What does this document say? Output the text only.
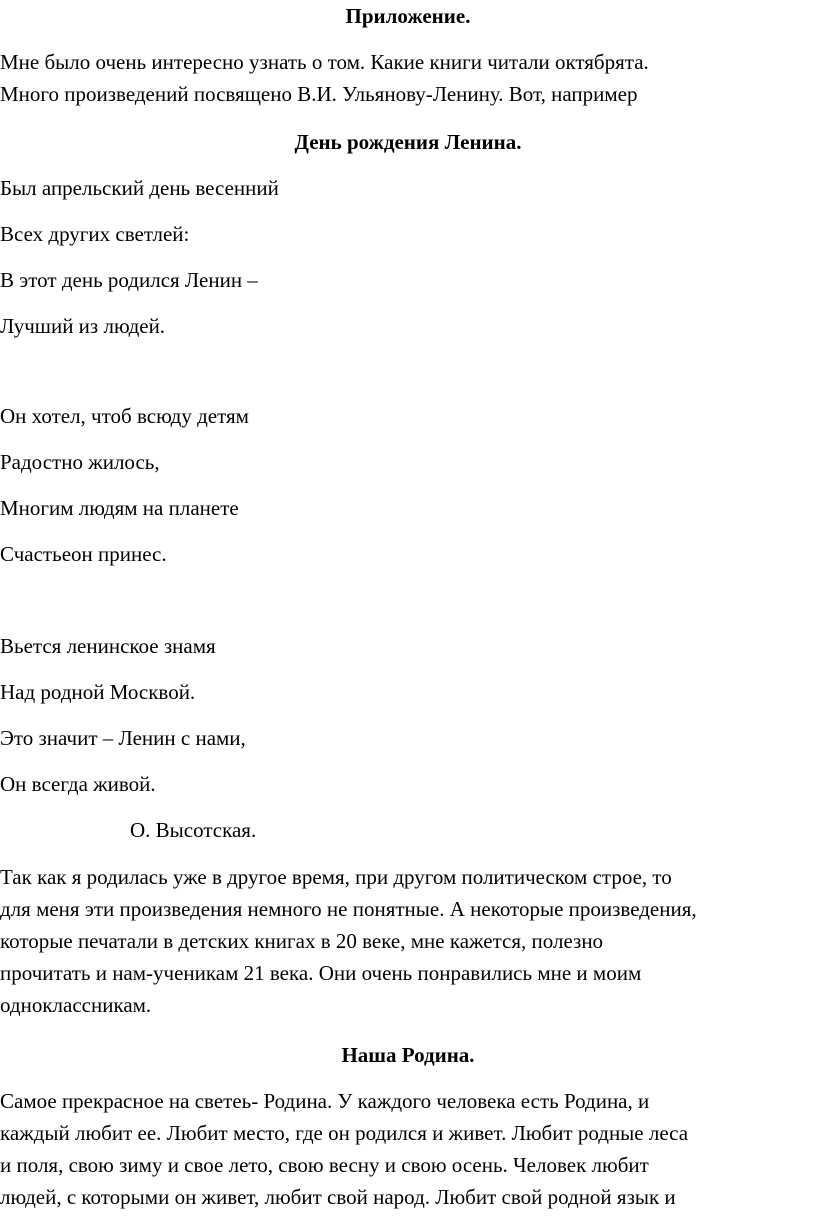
Приложение.
Мне было очень интересно узнать о том. Какие книги читали октябрята.
Много произведений посвящено В.И. Ульянову-Ленину. Вот, например
День рождения Ленина.
Был апрельский день весенний
Всех других светлей:
В этот день родился Ленин –
Лучший из людей.
Он хотел, чтоб всюду детям
Радостно жилось,
Многим людям на планете
Счастьеон принес.
Вьется ленинское знамя
Над родной Москвой.
Это значит – Ленин с нами,
Он всегда живой.
О. Высотская.
Так как я родилась уже в другое время, при другом политическом строе, то
для меня эти произведения немного не понятные. А некоторые произведения,
которые печатали в детских книгах в 20 веке, мне кажется, полезно
прочитать и нам-ученикам 21 века. Они очень понравились мне и моим
одноклассникам.
Наша Родина.
Самое прекрасное на светеь- Родина. У каждого человека есть Родина, и
каждый любит ее. Любит место, где он родился и живет. Любит родные леса
и поля, свою зиму и свое лето, свою весну и свою осень. Человек любит
людей, с которыми он живет, любит свой народ. Любит свой родной язык и
